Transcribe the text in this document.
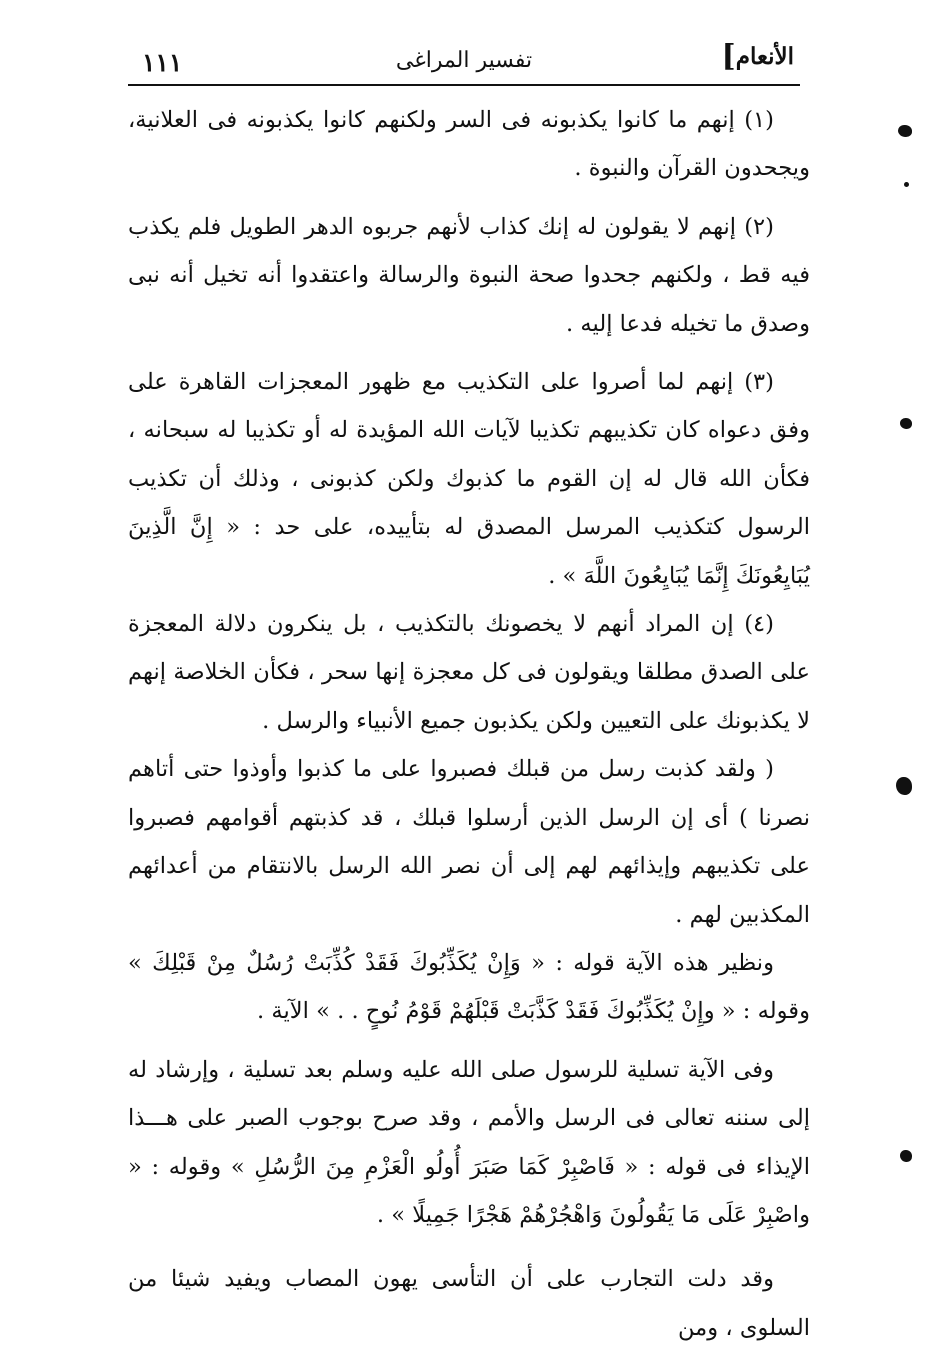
١١١	تفسير المراغى	الأنعام]

(١) إنهم ما كانوا يكذبونه فى السر ولكنهم كانوا يكذبونه فى العلانية، ويجحدون القرآن والنبوة .

(٢) إنهم لا يقولون له إنك كذاب لأنهم جربوه الدهر الطويل فلم يكذب فيه قط ، ولكنهم جحدوا صحة النبوة والرسالة واعتقدوا أنه تخيل أنه نبى وصدق ما تخيله فدعا إليه .

(٣) إنهم لما أصروا على التكذيب مع ظهور المعجزات القاهرة على وفق دعواه كان تكذيبهم تكذيبا لآيات الله المؤيدة له أو تكذيبا له سبحانه ، فكأن الله قال له إن القوم ما كذبوك ولكن كذبونى ، وذلك أن تكذيب الرسول كتكذيب المرسل المصدق له بتأييده، على حد : « إِنَّ الَّذِينَ يُبَايِعُونَكَ إِنَّمَا يُبَايِعُونَ اللَّهَ » .

(٤) إن المراد أنهم لا يخصونك بالتكذيب ، بل ينكرون دلالة المعجزة على الصدق مطلقا ويقولون فى كل معجزة إنها سحر ، فكأن الخلاصة إنهم لا يكذبونك على التعيين ولكن يكذبون جميع الأنبياء والرسل .

( ولقد كذبت رسل من قبلك فصبروا على ما كذبوا وأوذوا حتى أتاهم نصرنا ) أى إن الرسل الذين أرسلوا قبلك ، قد كذبتهم أقوامهم فصبروا على تكذيبهم وإيذائهم لهم إلى أن نصر الله الرسل بالانتقام من أعدائهم المكذبين لهم .

ونظير هذه الآية قوله : « وَإِنْ يُكَذِّبُوكَ فَقَدْ كُذِّبَتْ رُسُلٌ مِنْ قَبْلِكَ » وقوله : « وإِنْ يُكَذِّبُوكَ فَقَدْ كَذَّبَتْ قَبْلَهُمْ قَوْمُ نُوحٍ . . » الآية .

وفى الآية تسلية للرسول صلى الله عليه وسلم بعد تسلية ، وإرشاد له إلى سننه تعالى فى الرسل والأمم ، وقد صرح بوجوب الصبر على هـــذا الإيذاء فى قوله : « فَاصْبِرْ كَمَا صَبَرَ أُولُو الْعَزْمِ مِنَ الرُّسُلِ » وقوله : « واصْبِرْ عَلَى مَا يَقُولُونَ وَاهْجُرْهُمْ هَجْرًا جَمِيلًا » .

وقد دلت التجارب على أن التأسى يهون المصاب ويفيد شيئا من السلوى ، ومن
